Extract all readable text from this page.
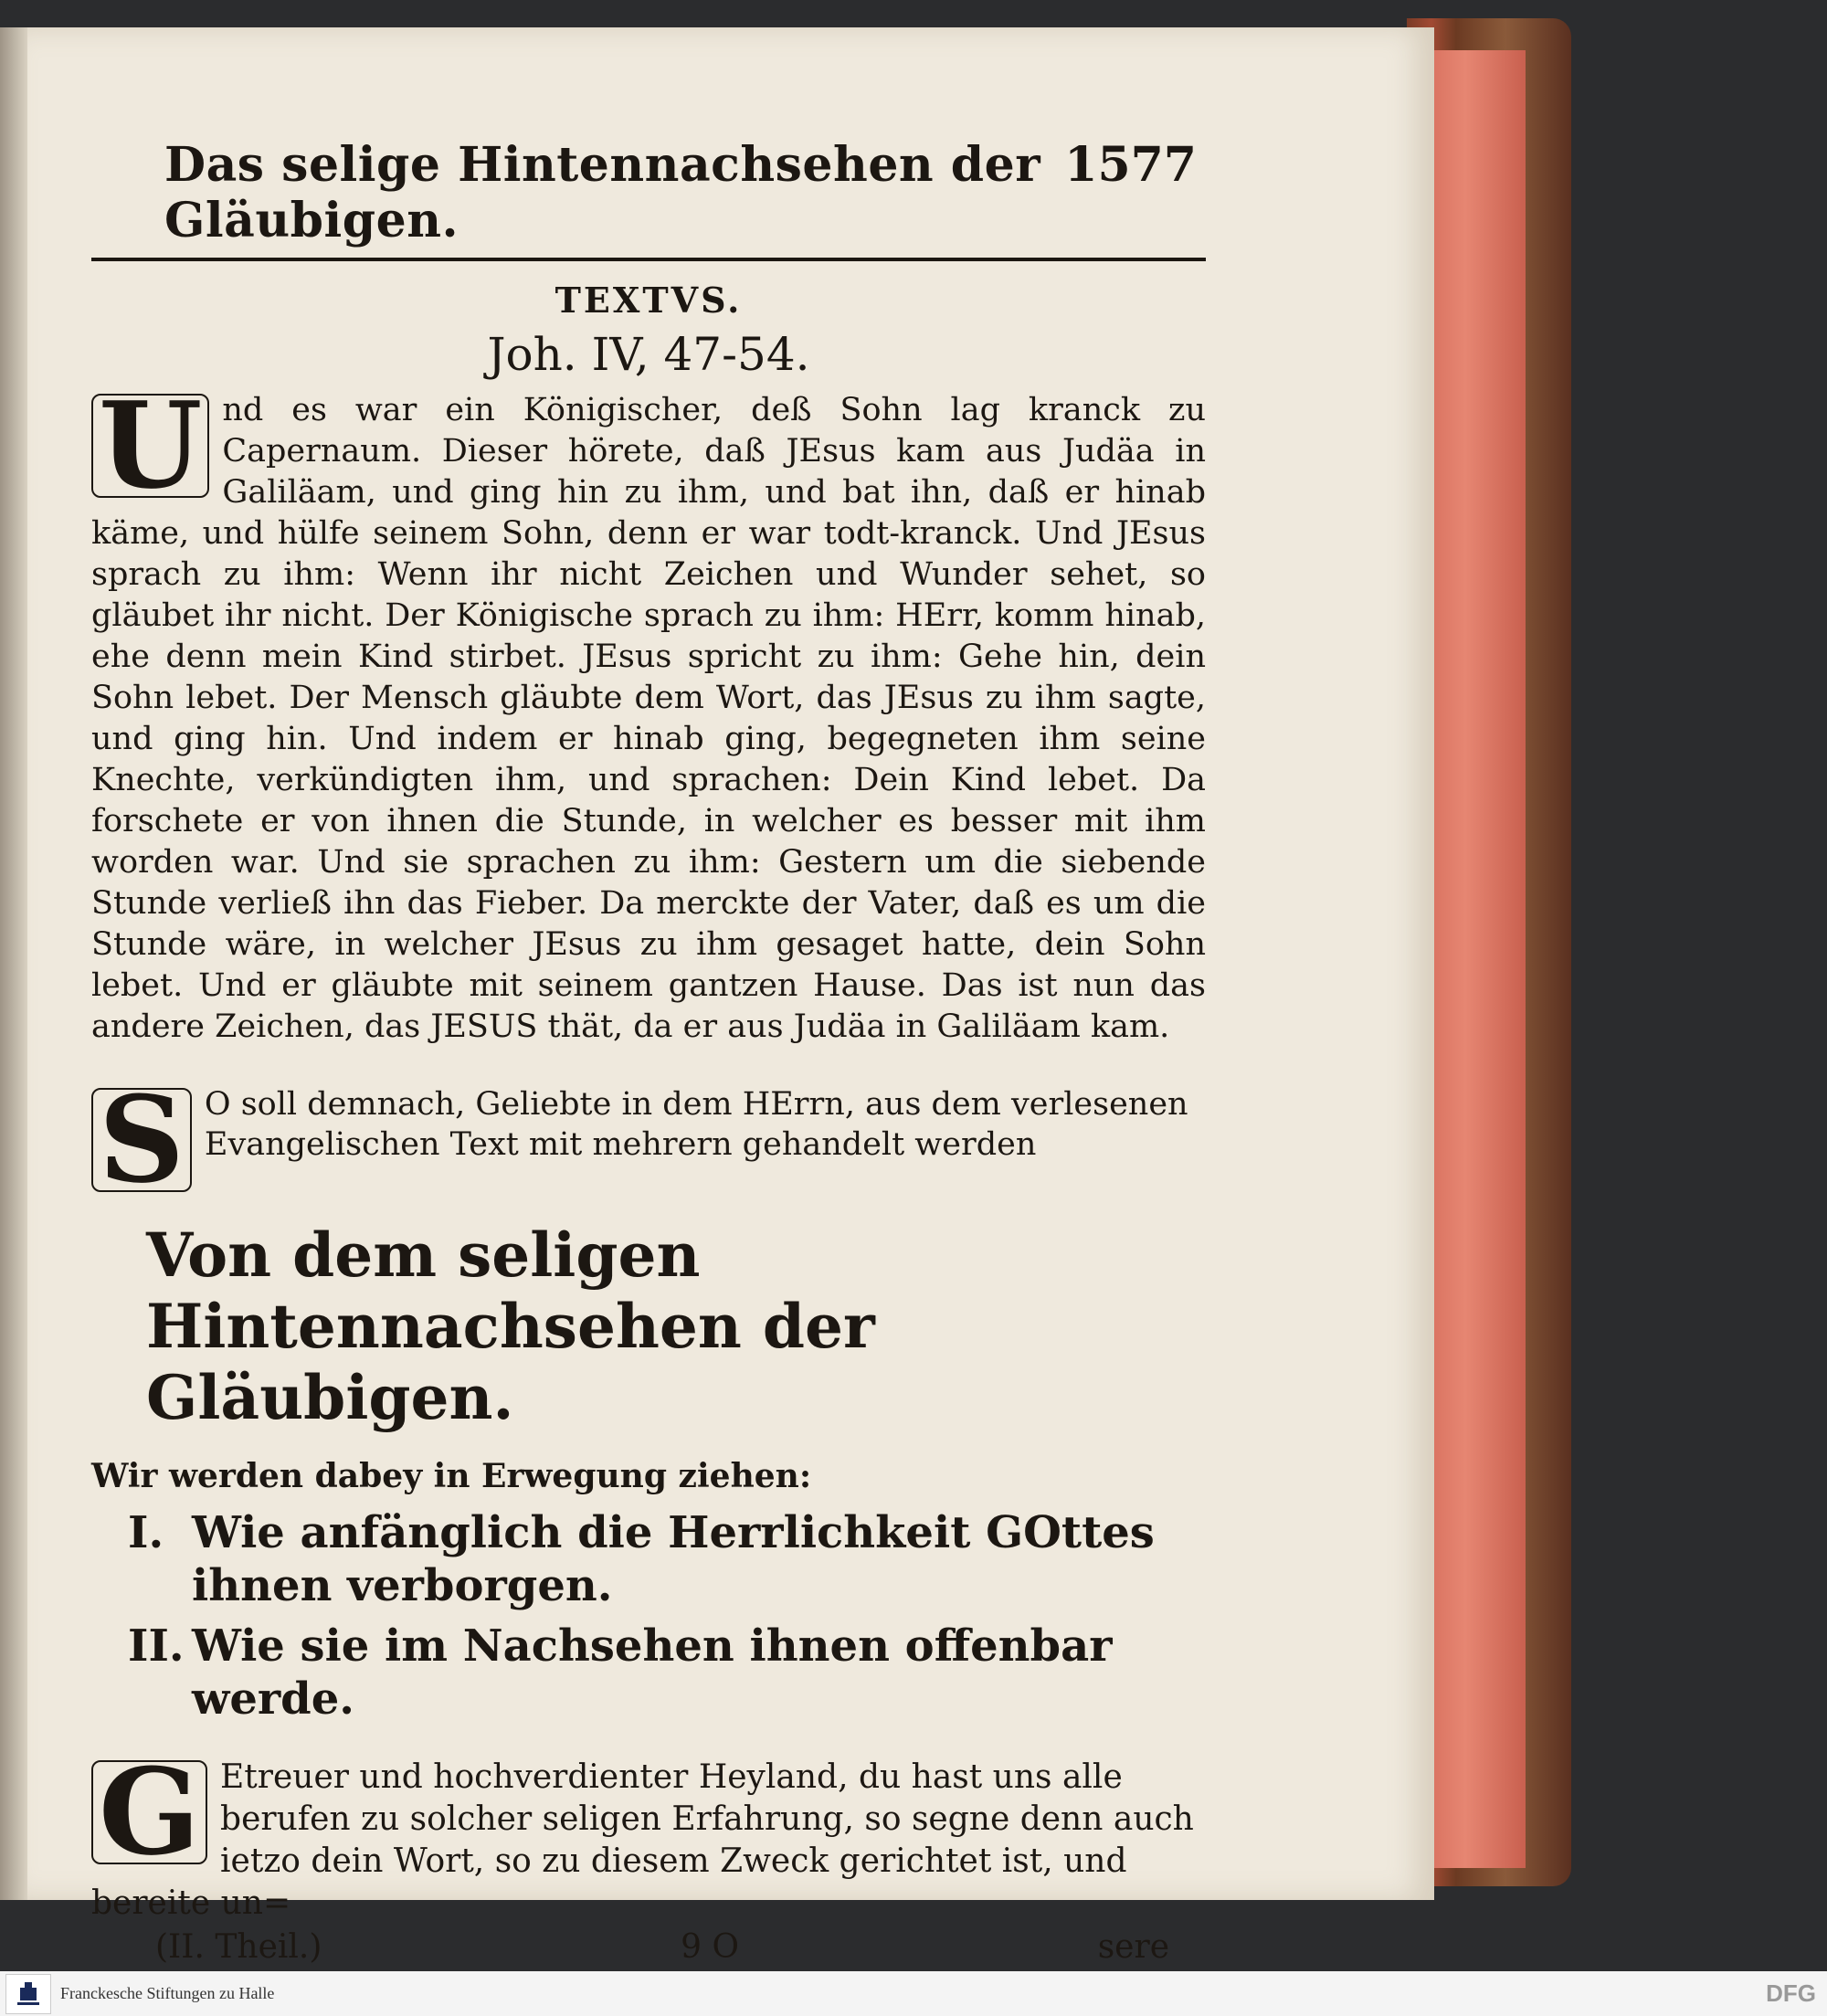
Das selige Hintennachsehen der Gläubigen.
1577
TEXTVS.
Joh. IV, 47-54.
U nd es war ein Königischer, deß Sohn lag kranck zu Capernaum. Dieser hörete, daß JEsus kam aus Judäa in Galiläam, und ging hin zu ihm, und bat ihn, daß er hinab käme, und hülfe seinem Sohn, denn er war todt-kranck. Und JEsus sprach zu ihm: Wenn ihr nicht Zeichen und Wunder sehet, so gläubet ihr nicht. Der Königische sprach zu ihm: HErr, komm hinab, ehe denn mein Kind stirbet. JEsus spricht zu ihm: Gehe hin, dein Sohn lebet. Der Mensch gläubte dem Wort, das JEsus zu ihm sagte, und ging hin. Und indem er hinab ging, begegneten ihm seine Knechte, verkündigten ihm, und sprachen: Dein Kind lebet. Da forschete er von ihnen die Stunde, in welcher es besser mit ihm worden war. Und sie sprachen zu ihm: Gestern um die siebende Stunde verließ ihn das Fieber. Da merckte der Vater, daß es um die Stunde wäre, in welcher JEsus zu ihm gesaget hatte, dein Sohn lebet. Und er gläubte mit seinem gantzen Hause. Das ist nun das andere Zeichen, das JESUS thät, da er aus Judäa in Galiläam kam.
S O soll demnach, Geliebte in dem HErrn, aus dem verlesenen Evangelischen Text mit mehrern gehandelt werden
Von dem seligen Hintennachsehen der Gläubigen.
Wir werden dabey in Erwegung ziehen:
I. Wie anfänglich die Herrlichkeit GOttes ihnen verborgen.
II. Wie sie im Nachsehen ihnen offenbar werde.
G Etreuer und hochverdienter Heyland, du hast uns alle berufen zu solcher seligen Erfahrung, so segne denn auch ietzo dein Wort, so zu diesem Zweck gerichtet ist, und bereite un=
(II. Theil.)	9 O	sere
Franckesche Stiftungen zu Halle	DFG
